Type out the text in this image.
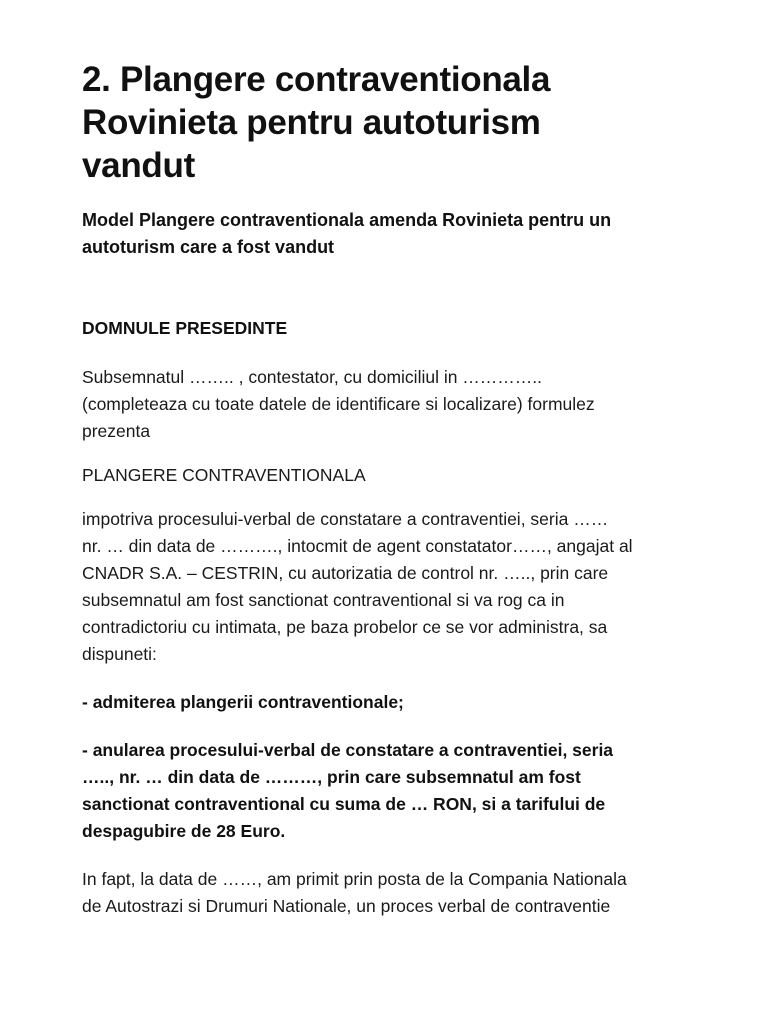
2. Plangere contraventionala
Rovinieta pentru autoturism
vandut

Model Plangere contraventionala amenda Rovinieta pentru un
autoturism care a fost vandut

DOMNULE PRESEDINTE

Subsemnatul …….. , contestator, cu domiciliul in …………..
(completeaza cu toate datele de identificare si localizare) formulez
prezenta

PLANGERE CONTRAVENTIONALA

impotriva procesului-verbal de constatare a contraventiei, seria ……
nr. … din data de ………., intocmit de agent constatator……, angajat al
CNADR S.A. – CESTRIN, cu autorizatia de control nr. ….., prin care
subsemnatul am fost sanctionat contraventional si va rog ca in
contradictoriu cu intimata, pe baza probelor ce se vor administra, sa
dispuneti:

- admiterea plangerii contraventionale;

- anularea procesului-verbal de constatare a contraventiei, seria
….., nr. … din data de ………, prin care subsemnatul am fost
sanctionat contraventional cu suma de … RON, si a tarifului de
despagubire de 28 Euro.

In fapt, la data de ……, am primit prin posta de la Compania Nationala
de Autostrazi si Drumuri Nationale, un proces verbal de contraventie
